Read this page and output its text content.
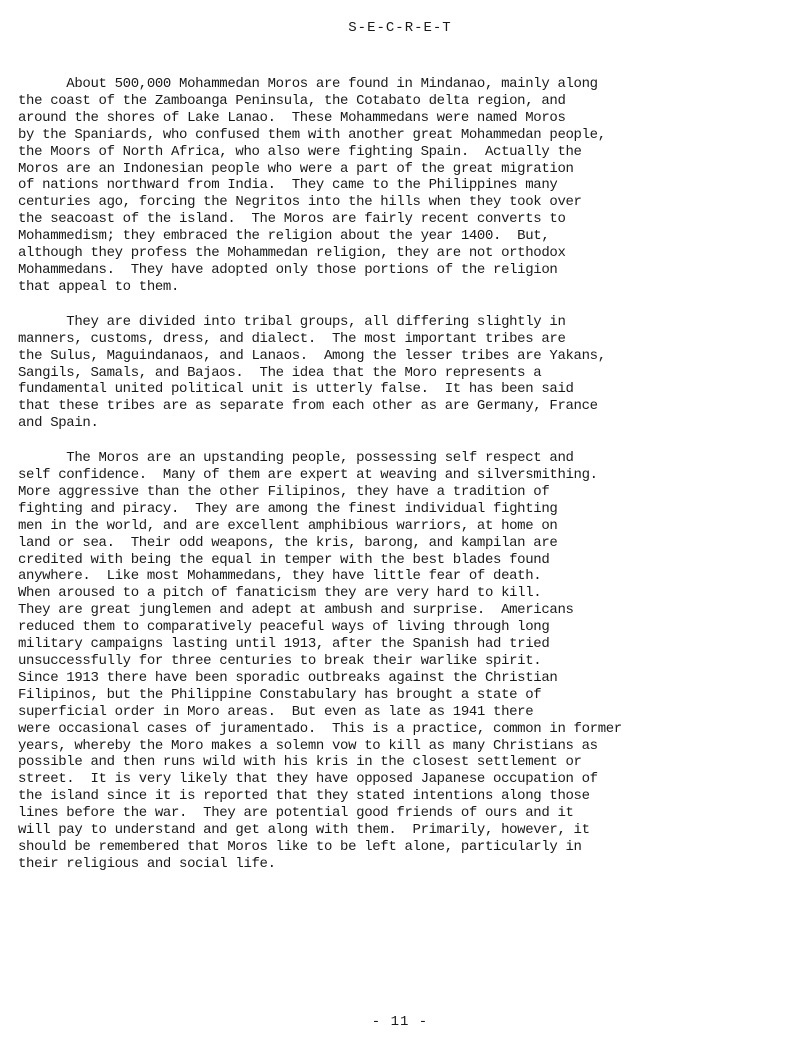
S-E-C-R-E-T
About 500,000 Mohammedan Moros are found in Mindanao, mainly along
the coast of the Zamboanga Peninsula, the Cotabato delta region, and
around the shores of Lake Lanao.  These Mohammedans were named Moros
by the Spaniards, who confused them with another great Mohammedan people,
the Moors of North Africa, who also were fighting Spain.  Actually the
Moros are an Indonesian people who were a part of the great migration
of nations northward from India.  They came to the Philippines many
centuries ago, forcing the Negritos into the hills when they took over
the seacoast of the island.  The Moros are fairly recent converts to
Mohammedism; they embraced the religion about the year 1400.  But,
although they profess the Mohammedan religion, they are not orthodox
Mohammedans.  They have adopted only those portions of the religion
that appeal to them.
They are divided into tribal groups, all differing slightly in
manners, customs, dress, and dialect.  The most important tribes are
the Sulus, Maguindanaos, and Lanaos.  Among the lesser tribes are Yakans,
Sangils, Samals, and Bajaos.  The idea that the Moro represents a
fundamental united political unit is utterly false.  It has been said
that these tribes are as separate from each other as are Germany, France
and Spain.
The Moros are an upstanding people, possessing self respect and
self confidence.  Many of them are expert at weaving and silversmithing.
More aggressive than the other Filipinos, they have a tradition of
fighting and piracy.  They are among the finest individual fighting
men in the world, and are excellent amphibious warriors, at home on
land or sea.  Their odd weapons, the kris, barong, and kampilan are
credited with being the equal in temper with the best blades found
anywhere.  Like most Mohammedans, they have little fear of death.
When aroused to a pitch of fanaticism they are very hard to kill.
They are great junglemen and adept at ambush and surprise.  Americans
reduced them to comparatively peaceful ways of living through long
military campaigns lasting until 1913, after the Spanish had tried
unsuccessfully for three centuries to break their warlike spirit.
Since 1913 there have been sporadic outbreaks against the Christian
Filipinos, but the Philippine Constabulary has brought a state of
superficial order in Moro areas.  But even as late as 1941 there
were occasional cases of juramentado.  This is a practice, common in former
years, whereby the Moro makes a solemn vow to kill as many Christians as
possible and then runs wild with his kris in the closest settlement or
street.  It is very likely that they have opposed Japanese occupation of
the island since it is reported that they stated intentions along those
lines before the war.  They are potential good friends of ours and it
will pay to understand and get along with them.  Primarily, however, it
should be remembered that Moros like to be left alone, particularly in
their religious and social life.
- 11 -
